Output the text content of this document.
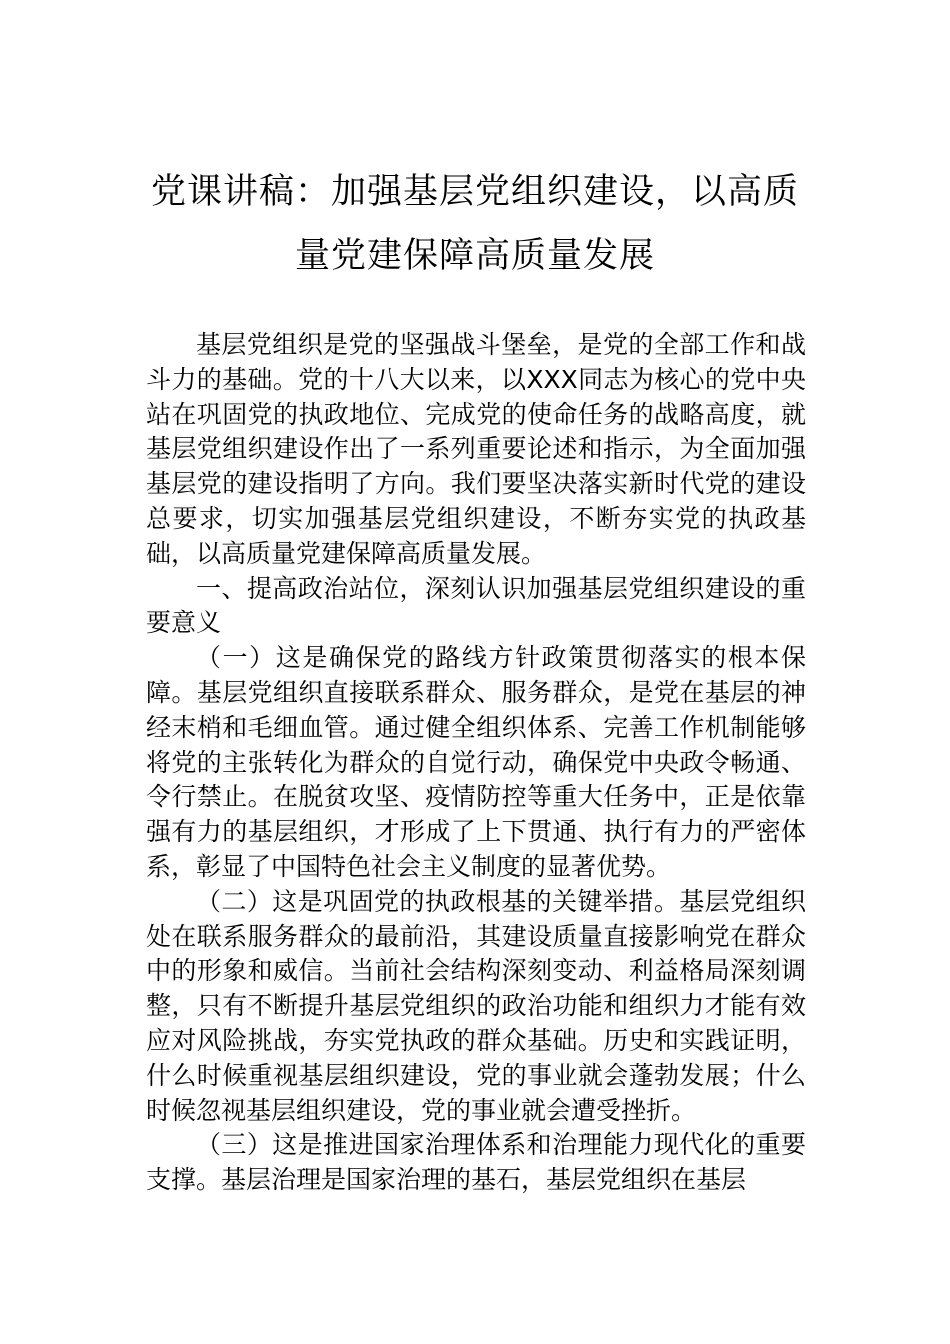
党课讲稿：加强基层党组织建设，以高质量党建保障高质量发展

基层党组织是党的坚强战斗堡垒，是党的全部工作和战斗力的基础。党的十八大以来，以XXX同志为核心的党中央站在巩固党的执政地位、完成党的使命任务的战略高度，就基层党组织建设作出了一系列重要论述和指示，为全面加强基层党的建设指明了方向。我们要坚决落实新时代党的建设总要求，切实加强基层党组织建设，不断夯实党的执政基础，以高质量党建保障高质量发展。

一、提高政治站位，深刻认识加强基层党组织建设的重要意义

（一）这是确保党的路线方针政策贯彻落实的根本保障。基层党组织直接联系群众、服务群众，是党在基层的神经末梢和毛细血管。通过健全组织体系、完善工作机制能够将党的主张转化为群众的自觉行动，确保党中央政令畅通、令行禁止。在脱贫攻坚、疫情防控等重大任务中，正是依靠强有力的基层组织，才形成了上下贯通、执行有力的严密体系，彰显了中国特色社会主义制度的显著优势。

（二）这是巩固党的执政根基的关键举措。基层党组织处在联系服务群众的最前沿，其建设质量直接影响党在群众中的形象和威信。当前社会结构深刻变动、利益格局深刻调整，只有不断提升基层党组织的政治功能和组织力才能有效应对风险挑战，夯实党执政的群众基础。历史和实践证明，什么时候重视基层组织建设，党的事业就会蓬勃发展；什么时候忽视基层组织建设，党的事业就会遭受挫折。

（三）这是推进国家治理体系和治理能力现代化的重要支撑。基层治理是国家治理的基石，基层党组织在基层
